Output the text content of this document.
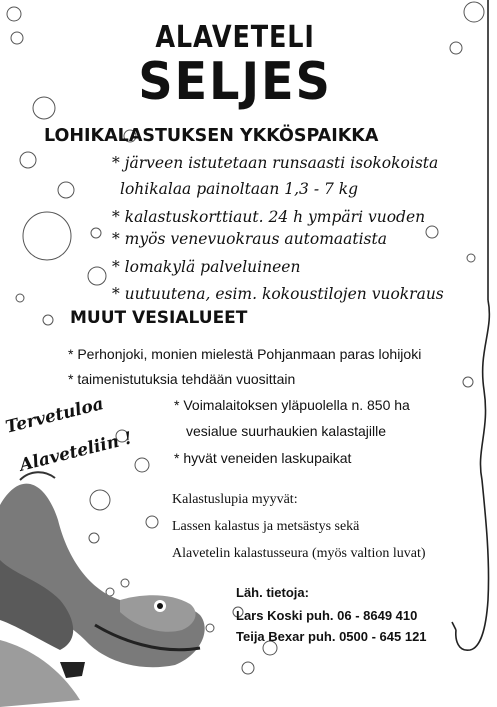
ALAVETELI
SELJES
LOHIKALASTUKSEN YKKÖSPAIKKA
* järveen istutetaan runsaasti isokokoista
lohikalaa painoltaan 1,3 - 7 kg
* kalastuskorttiaut. 24 h ympäri vuoden
* myös venevuokraus automaatista
* lomakylä palveluineen
* uutuutena, esim. kokoustilojen vuokraus
MUUT VESIALUEET
* Perhonjoki, monien mielestä Pohjanmaan paras lohijoki
* taimenistutuksia tehdään vuosittain
* Voimalaitoksen yläpuolella n. 850 ha
vesialue suurhaukien kalastajille
* hyvät veneiden laskupaikat
Tervetuloa
Alaveteliin !
Kalastuslupia myyvät:
Lassen kalastus ja metsästys sekä
Alavetelin kalastusseura (myös valtion luvat)
Läh. tietoja:
Lars Koski puh. 06 - 8649 410
Teija Bexar puh. 0500 - 645 121
